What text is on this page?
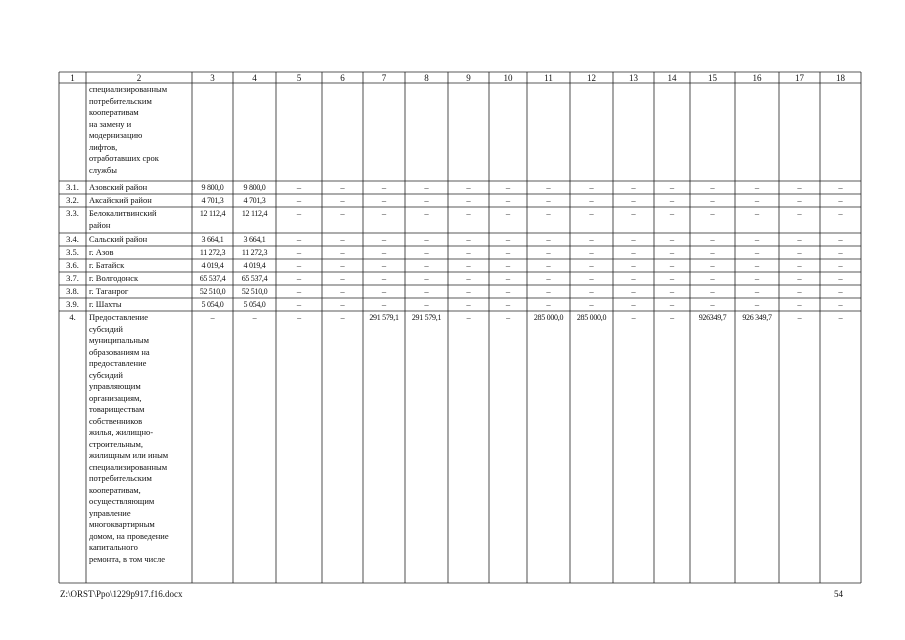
1	2	3	4	5	6	7	8	9	10	11	12	13	14	15	16	17	18
специализированным
потребительским
кооперативам
на замену и
модернизацию
лифтов,
отработавших срок
службы
3.1.	Азовский район	9 800,0	9 800,0	–	–	–	–	–	–	–	–	–	–	–	–	–	–
3.2.	Аксайский район	4 701,3	4 701,3	–	–	–	–	–	–	–	–	–	–	–	–	–	–
3.3.	Белокалитвинский
район
12 112,4	12 112,4	–	–	–	–	–	–	–	–	–	–	–	–	–	–
3.4.	Сальский район	3 664,1	3 664,1	–	–	–	–	–	–	–	–	–	–	–	–	–	–
3.5.	г. Азов	11 272,3	11 272,3	–	–	–	–	–	–	–	–	–	–	–	–	–	–
3.6.	г. Батайск	4 019,4	4 019,4	–	–	–	–	–	–	–	–	–	–	–	–	–	–
3.7.	г. Волгодонск	65 537,4	65 537,4	–	–	–	–	–	–	–	–	–	–	–	–	–	–
3.8.	г. Таганрог	52 510,0	52 510,0	–	–	–	–	–	–	–	–	–	–	–	–	–	–
3.9.	г. Шахты	5 054,0	5 054,0	–	–	–	–	–	–	–	–	–	–	–	–	–	–
4.	Предоставление
субсидий
муниципальным
образованиям на
предоставление
субсидий
управляющим
организациям,
товариществам
собственников
жилья, жилищно-
строительным,
жилищным или иным
специализированным
потребительским
кооперативам,
осуществляющим
управление
многоквартирным
домом, на проведение
капитального
ремонта, в том числе
–	–	–	–	291 579,1	291 579,1	–	–	285 000,0	285 000,0	–	–	926349,7	926 349,7	–	–
Z:\ORST\Ppo\1229p917.f16.docx	54
